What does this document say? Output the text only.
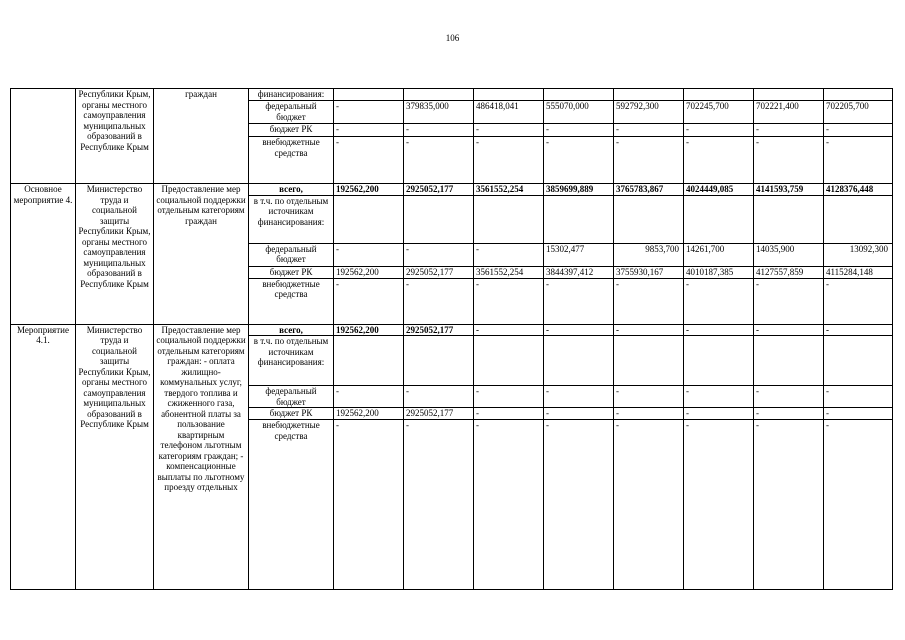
106
	Республики Крым, органы местного самоуправления муниципальных образований в Республике Крым	граждан	финансирования:								
			федеральный бюджет	-	379835,000	486418,041	555070,000	592792,300	702245,700	702221,400	702205,700
			бюджет РК	-	-	-	-	-	-	-	-
			внебюджетные средства	-	-	-	-	-	-	-	-
Основное мероприятие 4.	Министерство труда и социальной защиты Республики Крым, органы местного самоуправления муниципальных образований в Республике Крым	Предоставление мер социальной поддержки отдельным категориям граждан	всего,	192562,200	2925052,177	3561552,254	3859699,889	3765783,867	4024449,085	4141593,759	4128376,448
			в т.ч. по отдельным источникам финансирования:								
			федеральный бюджет	-	-	-	15302,477	9853,700	14261,700	14035,900	13092,300
			бюджет РК	192562,200	2925052,177	3561552,254	3844397,412	3755930,167	4010187,385	4127557,859	4115284,148
			внебюджетные средства	-	-	-	-	-	-	-	-
Мероприятие 4.1.	Министерство труда и социальной защиты Республики Крым, органы местного самоуправления муниципальных образований в Республике Крым	Предоставление мер социальной поддержки отдельным категориям граждан: - оплата жилищно-коммунальных услуг, твердого топлива и сжиженного газа, абонентной платы за пользование квартирным телефоном льготным категориям граждан; - компенсационные выплаты по льготному проезду отдельных	всего,	192562,200	2925052,177	-	-	-	-	-	-
			в т.ч. по отдельным источникам финансирования:								
			федеральный бюджет	-	-	-	-	-	-	-	-
			бюджет РК	192562,200	2925052,177	-	-	-	-	-	-
			внебюджетные средства	-	-	-	-	-	-	-	-
